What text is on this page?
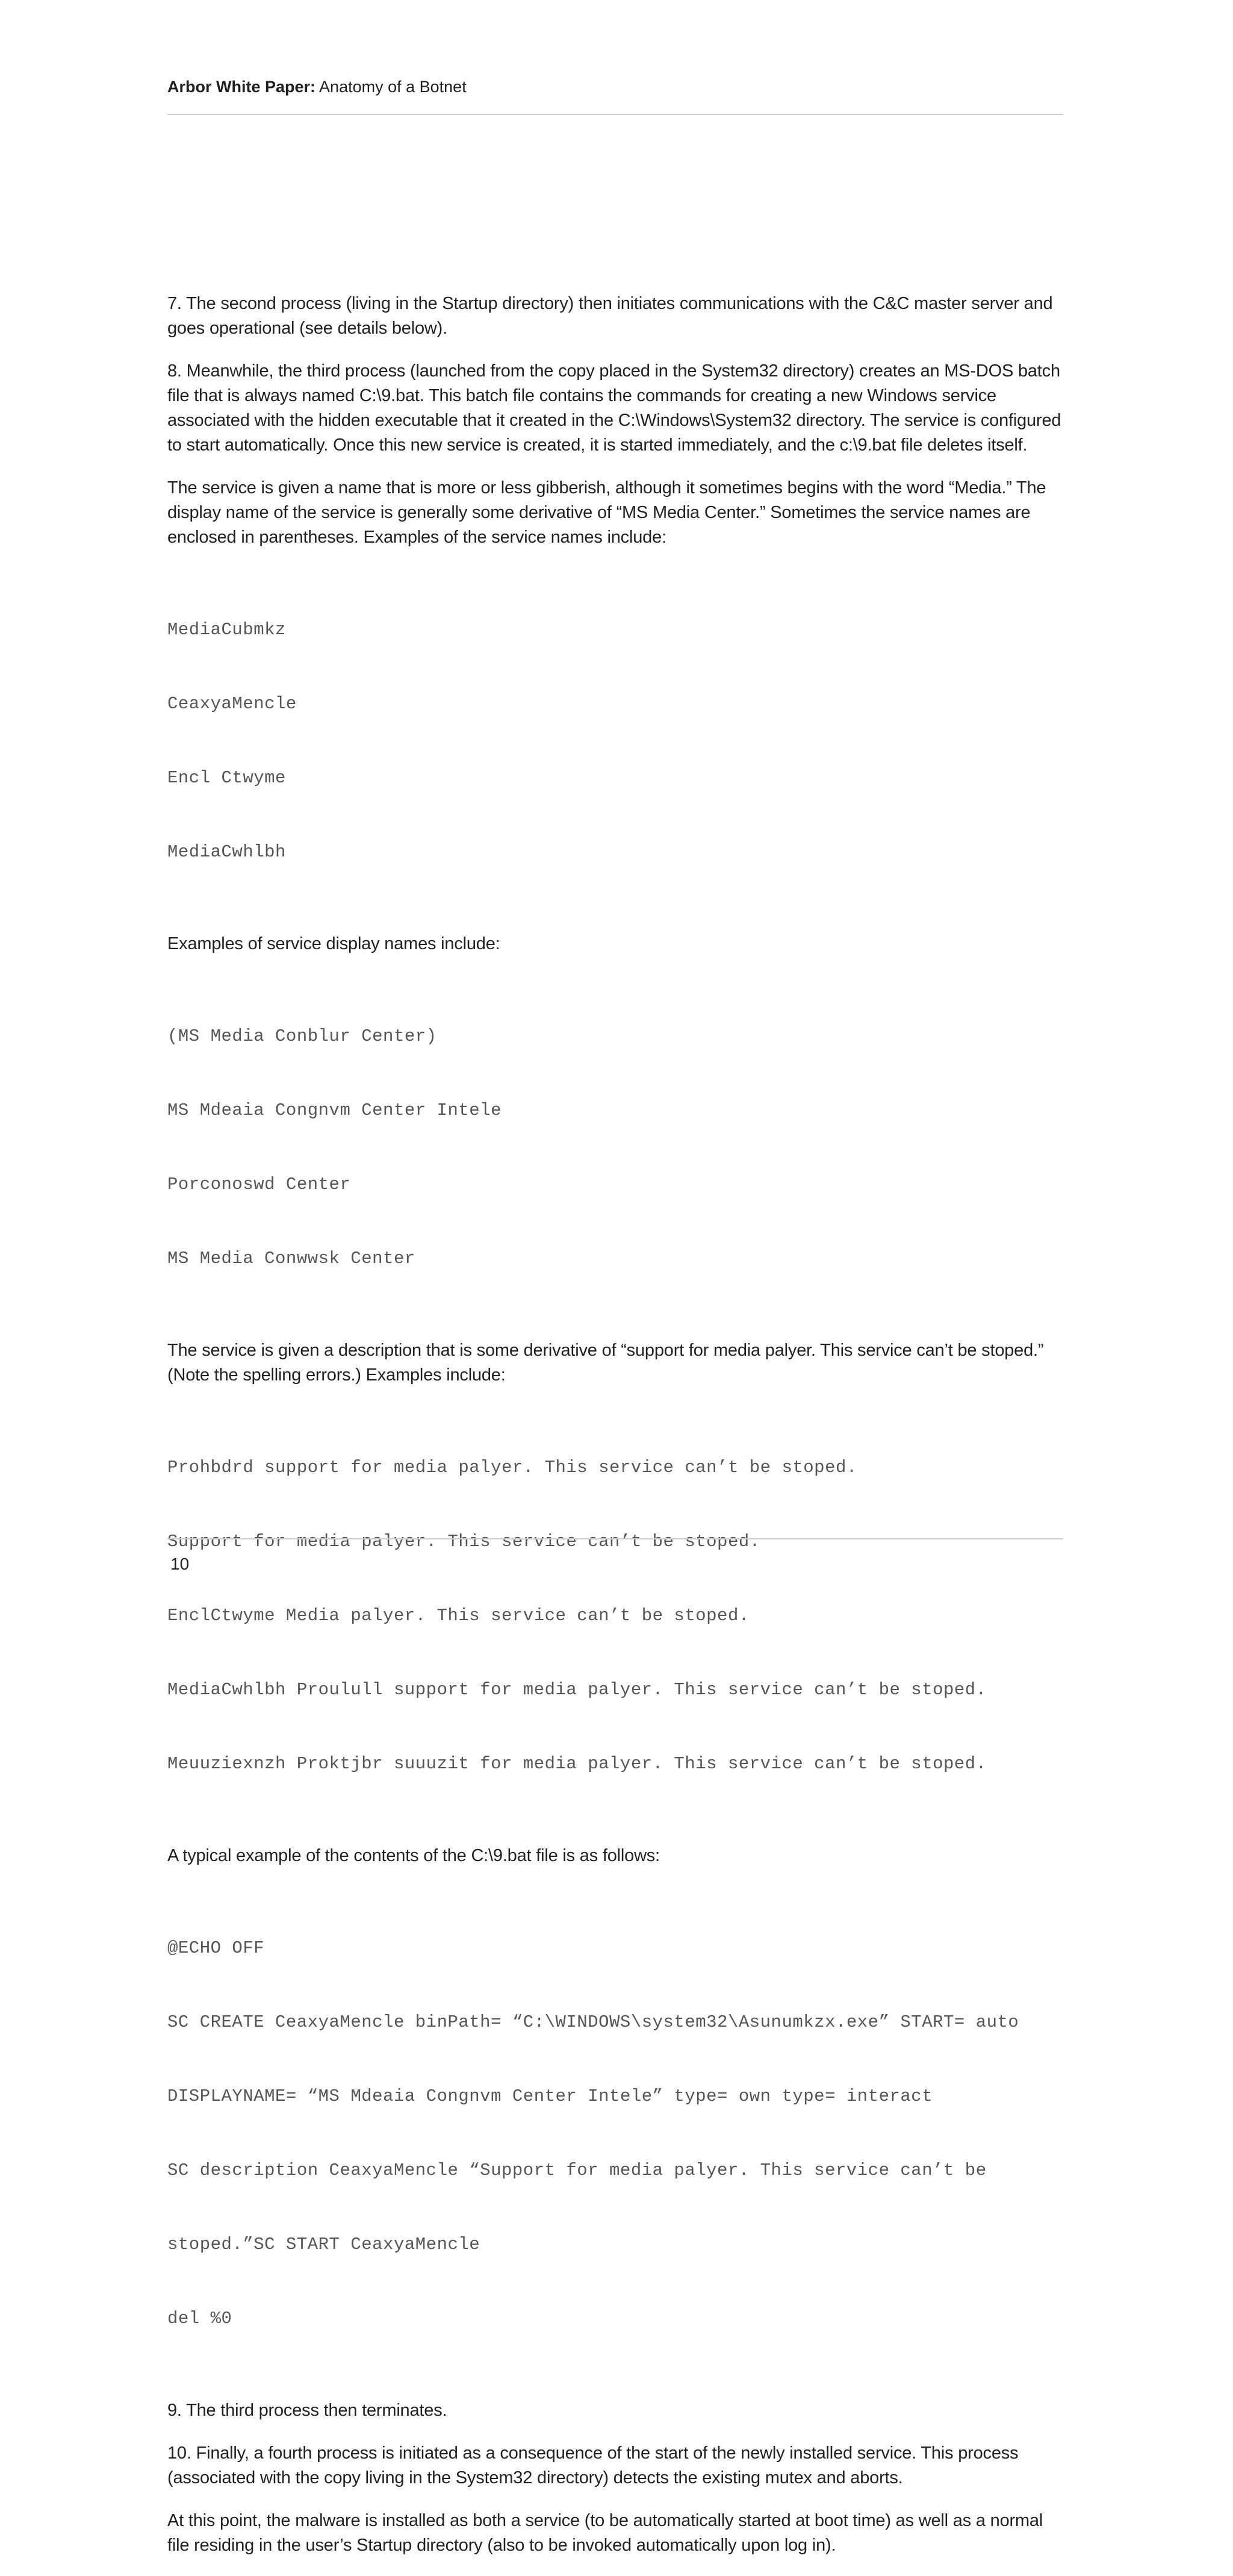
Arbor White Paper: Anatomy of a Botnet

7. The second process (living in the Startup directory) then initiates communications with the C&C master server and goes operational (see details below).

8. Meanwhile, the third process (launched from the copy placed in the System32 directory) creates an MS-DOS batch file that is always named C:\9.bat. This batch file contains the commands for creating a new Windows service associated with the hidden executable that it created in the C:\Windows\System32 directory. The service is configured to start automatically. Once this new service is created, it is started immediately, and the c:\9.bat file deletes itself.

The service is given a name that is more or less gibberish, although it sometimes begins with the word “Media.” The display name of the service is generally some derivative of “MS Media Center.” Sometimes the service names are enclosed in parentheses. Examples of the service names include:

MediaCubmkz

CeaxyaMencle

Encl Ctwyme

MediaCwhlbh

Examples of service display names include:

(MS Media Conblur Center)

MS Mdeaia Congnvm Center Intele

Porconoswd Center

MS Media Conwwsk Center

The service is given a description that is some derivative of “support for media palyer. This service can’t be stoped.” (Note the spelling errors.) Examples include:

Prohbdrd support for media palyer. This service can’t be stoped.

Support for media palyer. This service can’t be stoped.

EnclCtwyme Media palyer. This service can’t be stoped.

MediaCwhlbh Proulull support for media palyer. This service can’t be stoped.

Meuuziexnzh Proktjbr suuuzit for media palyer. This service can’t be stoped.

A typical example of the contents of the C:\9.bat file is as follows:

@ECHO OFF

SC CREATE CeaxyaMencle binPath= “C:\WINDOWS\system32\Asunumkzx.exe” START= auto

DISPLAYNAME= “MS Mdeaia Congnvm Center Intele” type= own type= interact

SC description CeaxyaMencle “Support for media palyer. This service can’t be

stoped.”SC START CeaxyaMencle

del %0

9. The third process then terminates.

10. Finally, a fourth process is initiated as a consequence of the start of the newly installed service. This process (associated with the copy living in the System32 directory) detects the existing mutex and aborts.

At this point, the malware is installed as both a service (to be automatically started at boot time) as well as a normal file residing in the user’s Startup directory (also to be invoked automatically upon log in).

10
